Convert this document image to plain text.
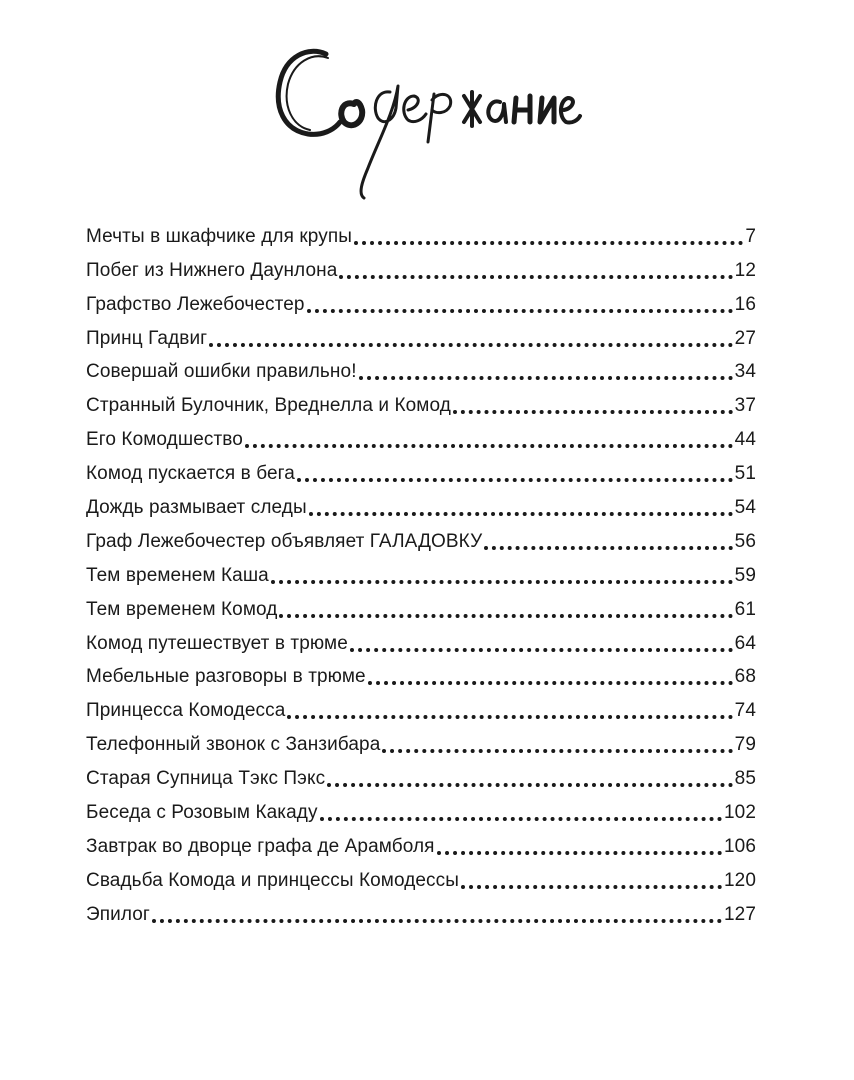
Мечты в шкафчике для крупы	7
Побег из Нижнего Даунлона	12
Графство Лежебочестер	16
Принц Гадвиг	27
Совершай ошибки правильно!	34
Странный Булочник, Вреднелла и Комод	37
Его Комодшество	44
Комод пускается в бега	51
Дождь размывает следы	54
Граф Лежебочестер объявляет ГАЛАДОВКУ	56
Тем временем Каша	59
Тем временем Комод	61
Комод путешествует в трюме	64
Мебельные разговоры в трюме	68
Принцесса Комодесса	74
Телефонный звонок с Занзибара	79
Старая Супница Тэкс Пэкс	85
Беседа с Розовым Какаду	102
Завтрак во дворце графа де Арамболя	106
Свадьба Комода и принцессы Комодессы	120
Эпилог	127
